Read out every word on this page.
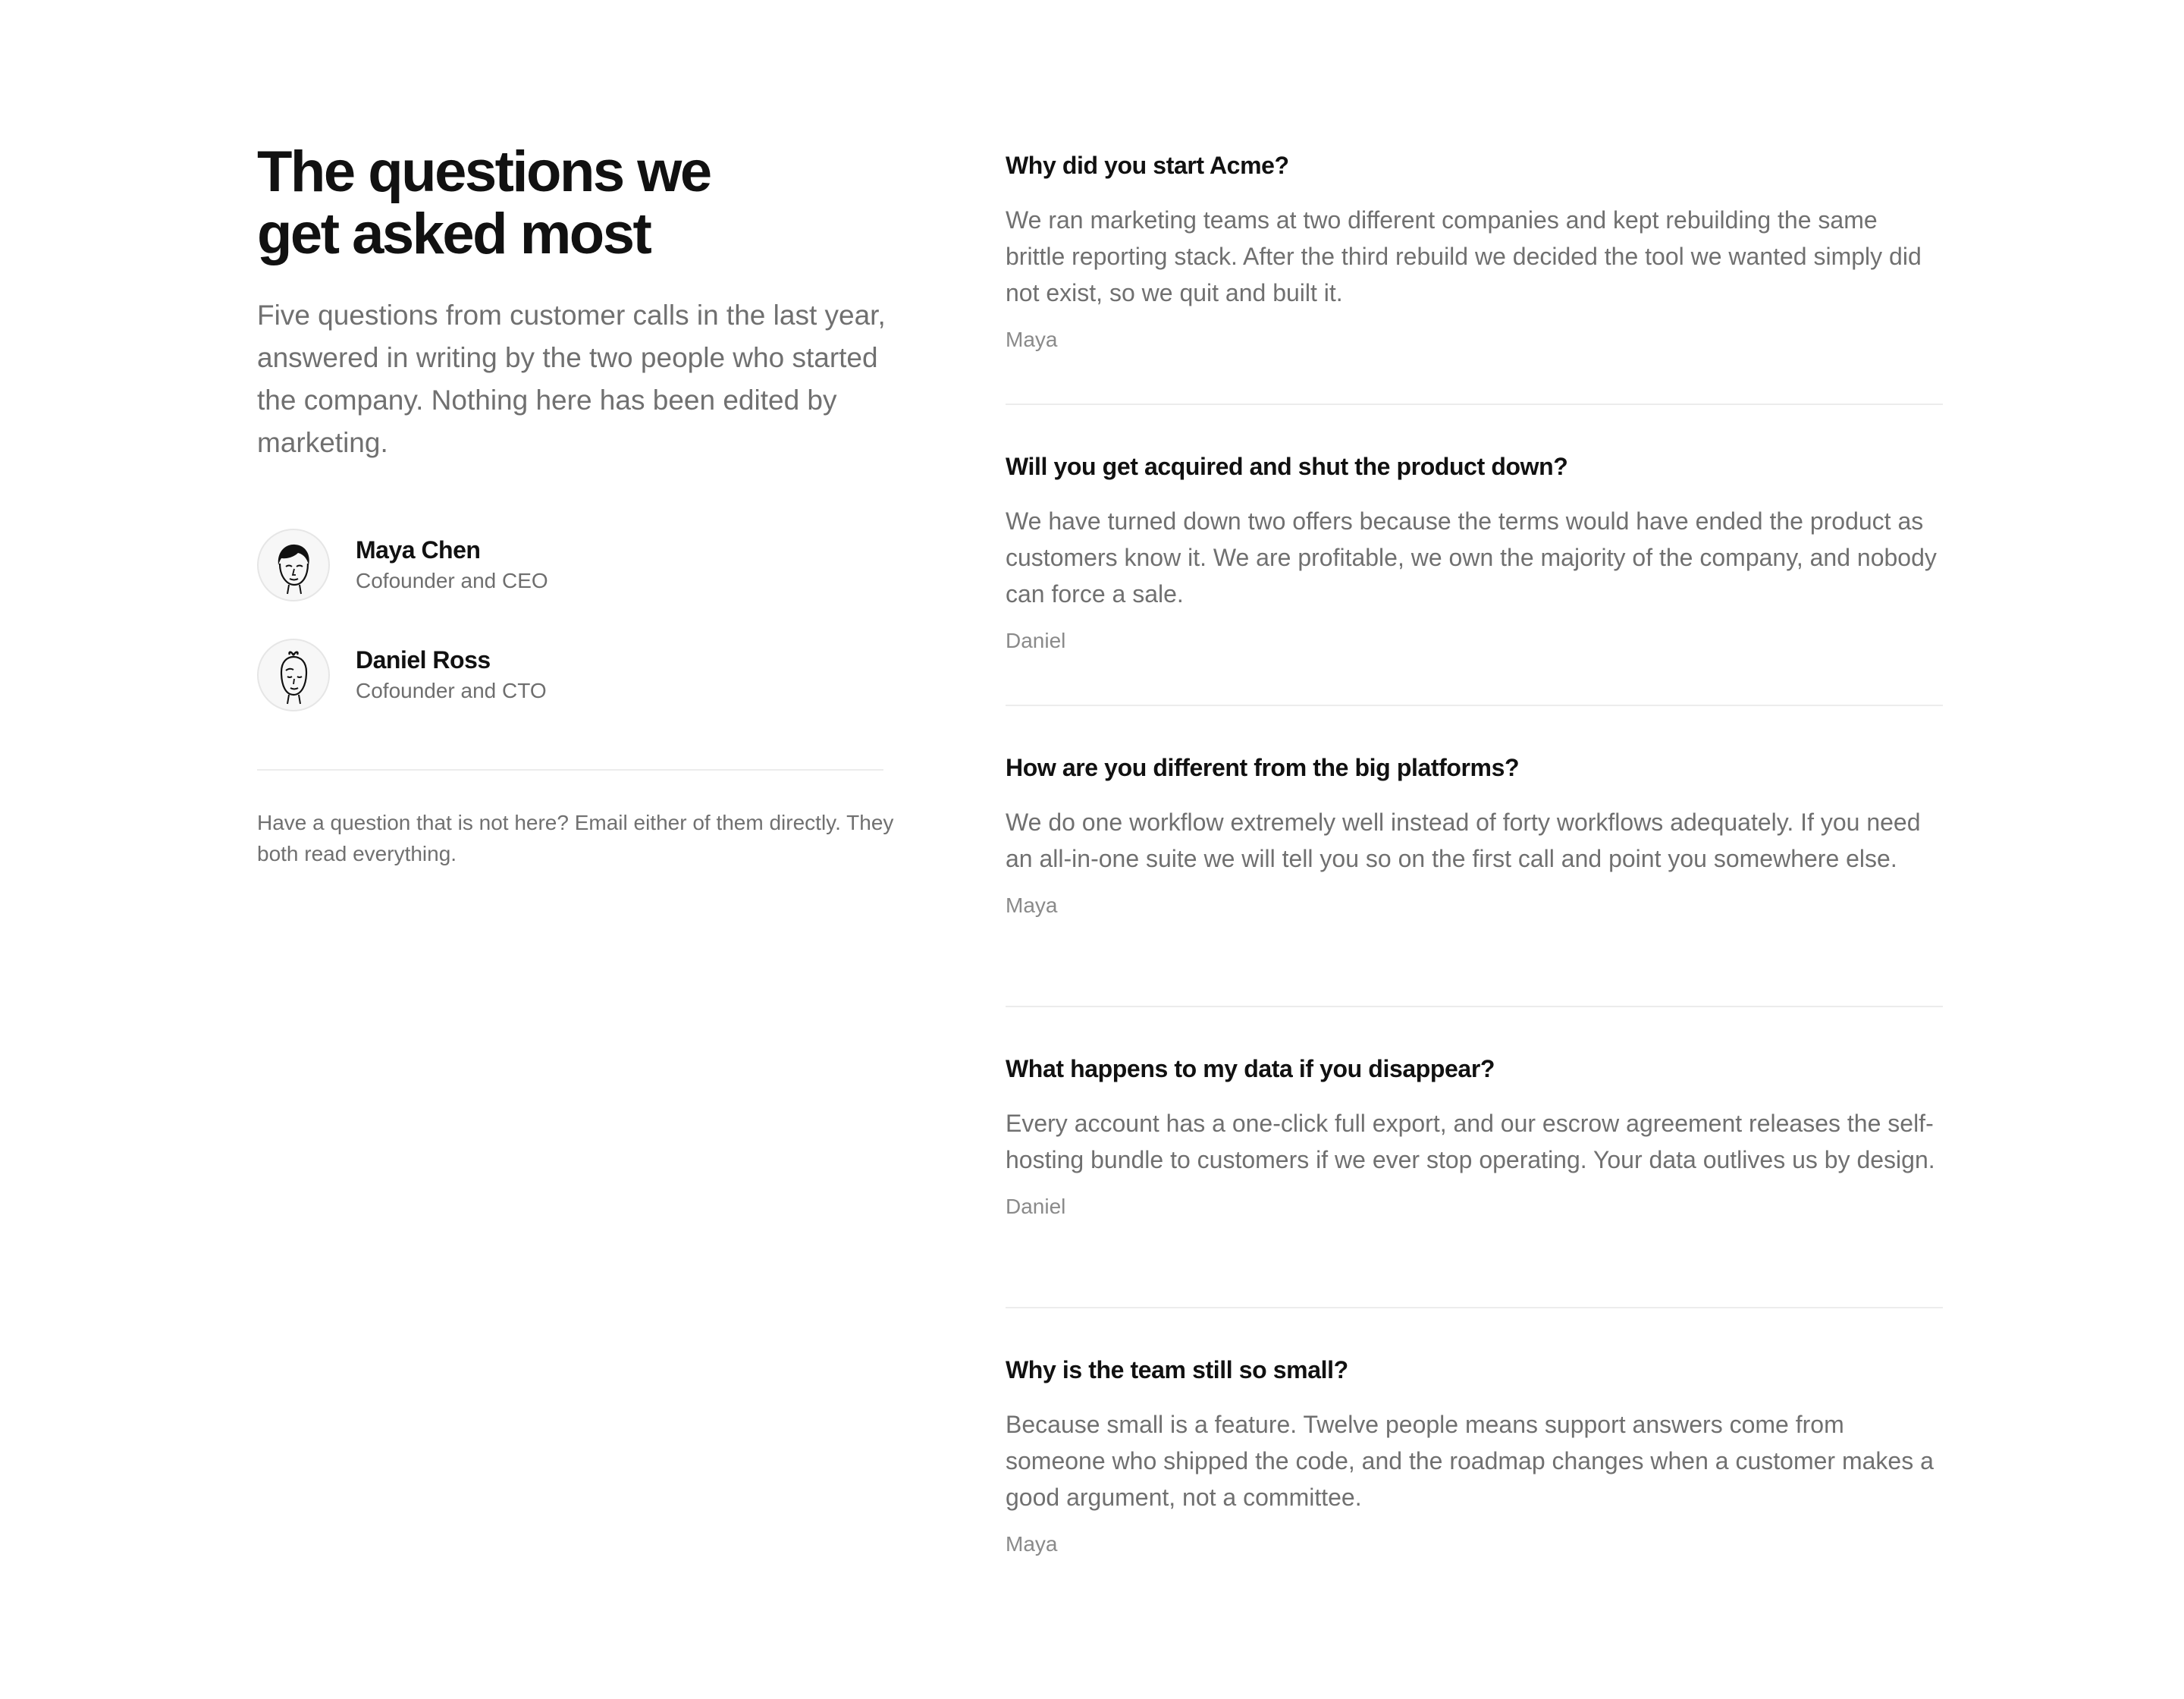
The questions we
get asked most

Five questions from customer calls in the last year, answered in writing by the two people who started the company. Nothing here has been edited by marketing.

Maya Chen
Cofounder and CEO
Daniel Ross
Cofounder and CTO

Have a question that is not here? Email either of them directly. They both read everything.

Why did you start Acme?
We ran marketing teams at two different companies and kept rebuilding the same brittle reporting stack. After the third rebuild we decided the tool we wanted simply did not exist, so we quit and built it.
Maya
Will you get acquired and shut the product down?
We have turned down two offers because the terms would have ended the product as customers know it. We are profitable, we own the majority of the company, and nobody can force a sale.
Daniel
How are you different from the big platforms?
We do one workflow extremely well instead of forty workflows adequately. If you need an all-in-one suite we will tell you so on the first call and point you somewhere else.
Maya
What happens to my data if you disappear?
Every account has a one-click full export, and our escrow agreement releases the self-hosting bundle to customers if we ever stop operating. Your data outlives us by design.
Daniel
Why is the team still so small?
Because small is a feature. Twelve people means support answers come from someone who shipped the code, and the roadmap changes when a customer makes a good argument, not a committee.
Maya
